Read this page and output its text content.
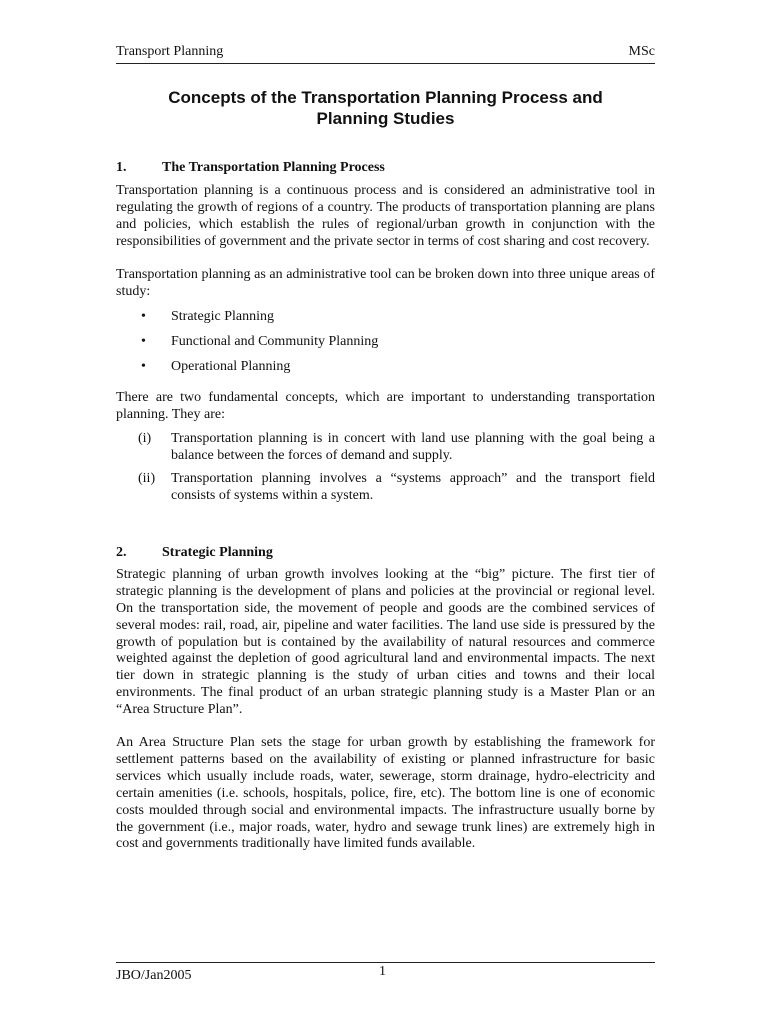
Transport Planning	MSc
Concepts of the Transportation Planning Process and
Planning Studies
1.	The Transportation Planning Process

Transportation planning is a continuous process and is considered an administrative tool in regulating the growth of regions of a country. The products of transportation planning are plans and policies, which establish the rules of regional/urban growth in conjunction with the responsibilities of government and the private sector in terms of cost sharing and cost recovery.

Transportation planning as an administrative tool can be broken down into three unique areas of study:

• Strategic Planning
• Functional and Community Planning
• Operational Planning

There are two fundamental concepts, which are important to understanding transportation planning. They are:

(i) Transportation planning is in concert with land use planning with the goal being a balance between the forces of demand and supply.
(ii) Transportation planning involves a “systems approach” and the transport field consists of systems within a system.
2.	Strategic Planning

Strategic planning of urban growth involves looking at the “big” picture. The first tier of strategic planning is the development of plans and policies at the provincial or regional level. On the transportation side, the movement of people and goods are the combined services of several modes: rail, road, air, pipeline and water facilities. The land use side is pressured by the growth of population but is contained by the availability of natural resources and commerce weighted against the depletion of good agricultural land and environmental impacts. The next tier down in strategic planning is the study of urban cities and towns and their local environments. The final product of an urban strategic planning study is a Master Plan or an “Area Structure Plan”.

An Area Structure Plan sets the stage for urban growth by establishing the framework for settlement patterns based on the availability of existing or planned infrastructure for basic services which usually include roads, water, sewerage, storm drainage, hydro-electricity and certain amenities (i.e. schools, hospitals, police, fire, etc). The bottom line is one of economic costs moulded through social and environmental impacts. The infrastructure usually borne by the government (i.e., major roads, water, hydro and sewage trunk lines) are extremely high in cost and governments traditionally have limited funds available.

JBO/Jan2005	1
